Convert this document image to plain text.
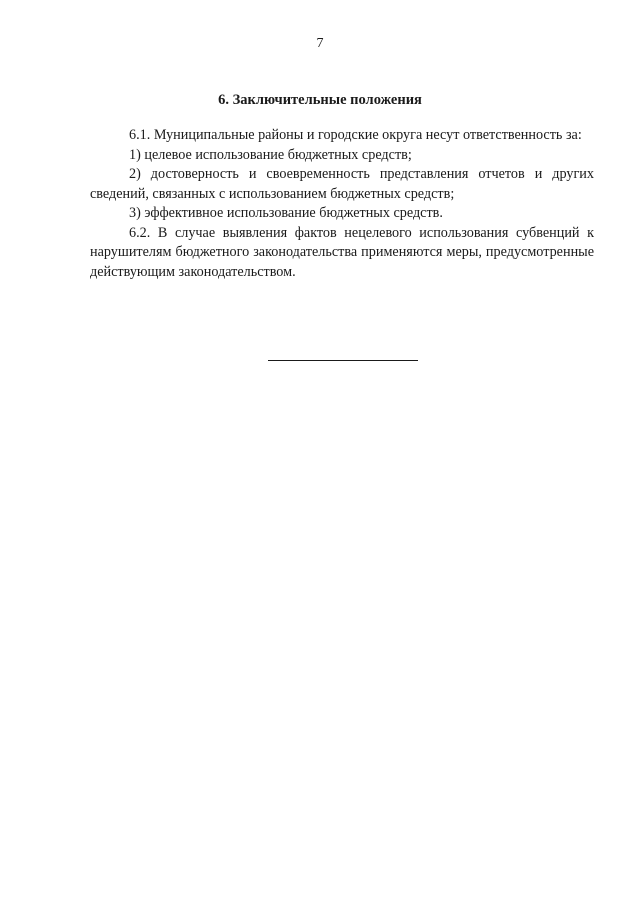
7
6. Заключительные положения

6.1. Муниципальные районы и городские округа несут ответственность за:

1) целевое использование бюджетных средств;

2) достоверность и своевременность представления отчетов и других сведений, связанных с использованием бюджетных средств;

3) эффективное использование бюджетных средств.

6.2. В случае выявления фактов нецелевого использования субвенций к нарушителям бюджетного законодательства применяются меры, предусмотренные действующим законодательством.
